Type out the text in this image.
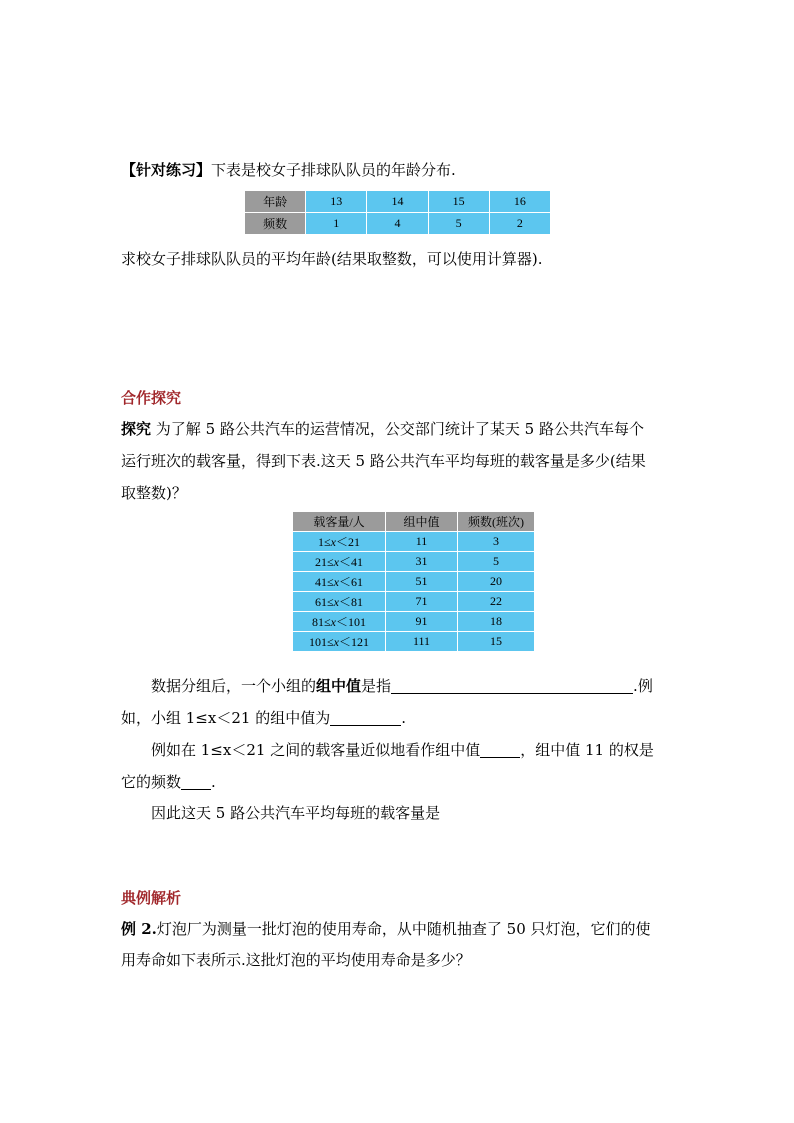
【针对练习】下表是校女子排球队队员的年龄分布.
年龄	13	14	15	16
频数	1	4	5	2
求校女子排球队队员的平均年龄(结果取整数，可以使用计算器).
合作探究
探究 为了解 5 路公共汽车的运营情况，公交部门统计了某天 5 路公共汽车每个
运行班次的载客量，得到下表.这天 5 路公共汽车平均每班的载客量是多少(结果
取整数)？
载客量/人	组中值	频数(班次)
1≤x＜21	11	3
21≤x＜41	31	5
41≤x＜61	51	20
61≤x＜81	71	22
81≤x＜101	91	18
101≤x＜121	111	15
数据分组后，一个小组的组中值是指	.例
如，小组 1≤x＜21 的组中值为	.
例如在 1≤x＜21 之间的载客量近似地看作组中值	，组中值 11 的权是
它的频数 .
因此这天 5 路公共汽车平均每班的载客量是
典例解析
例 2.灯泡厂为测量一批灯泡的使用寿命，从中随机抽查了 50 只灯泡，它们的使
用寿命如下表所示.这批灯泡的平均使用寿命是多少？
